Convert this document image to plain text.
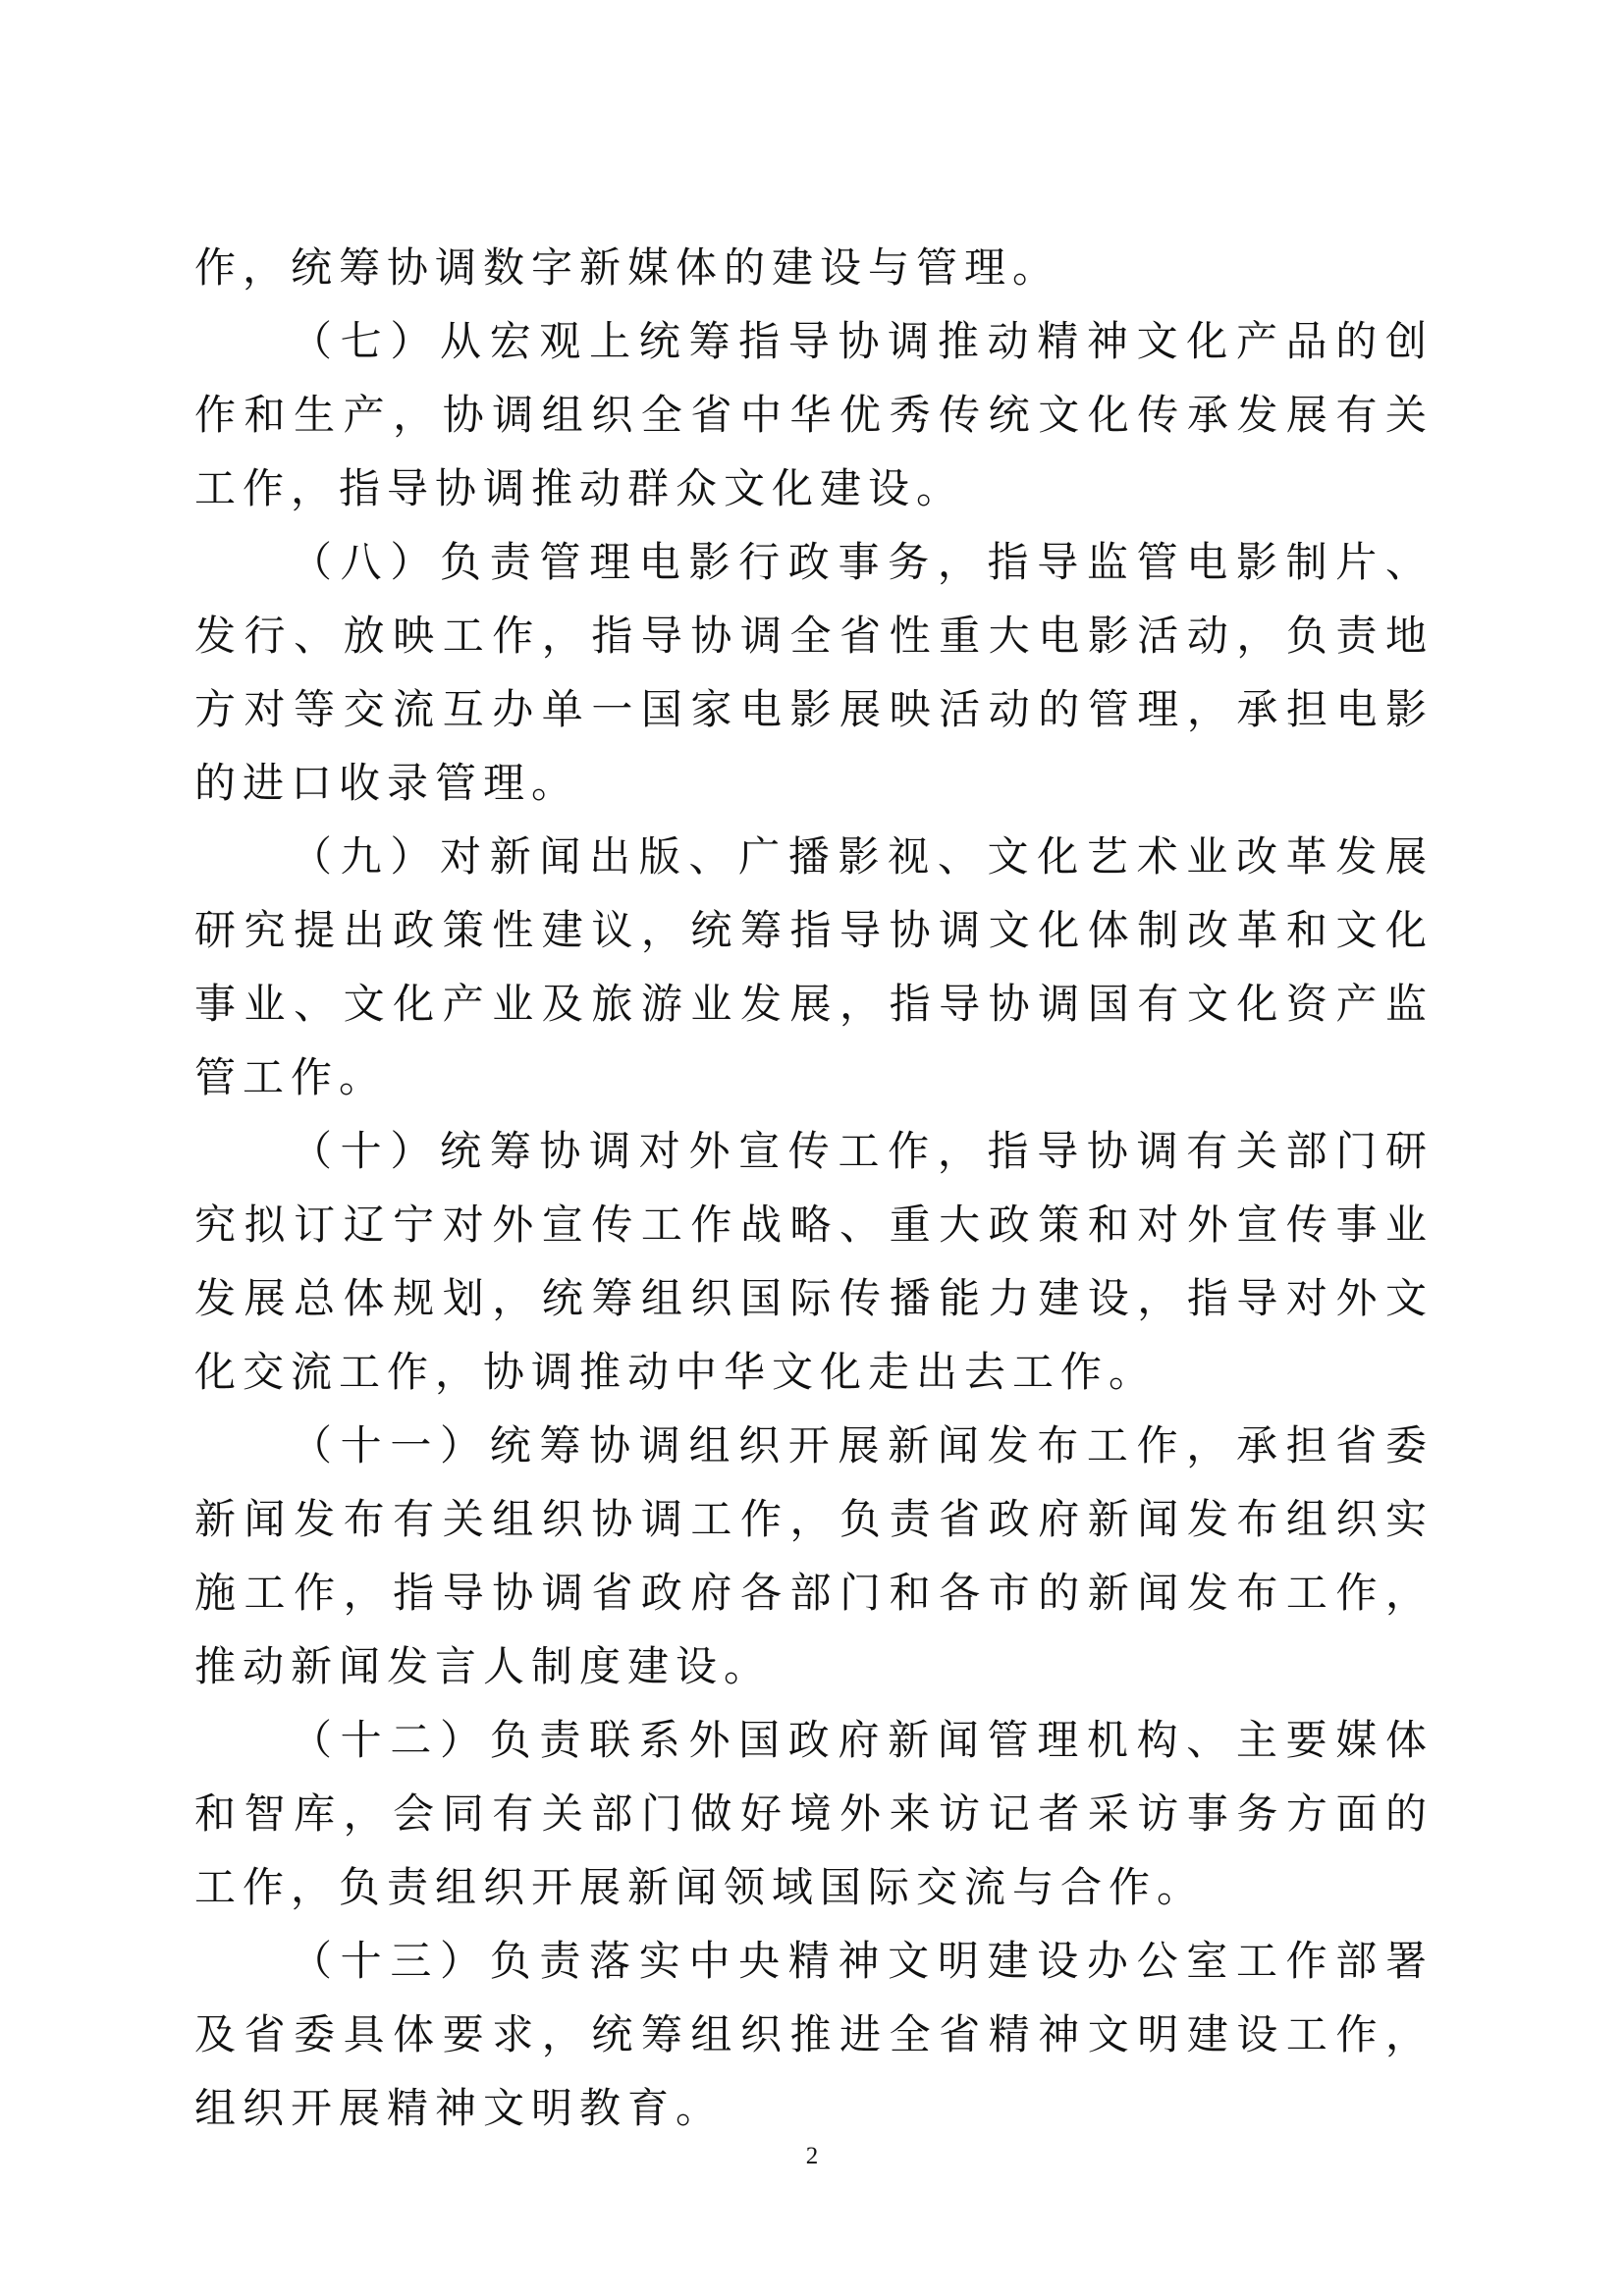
作，统筹协调数字新媒体的建设与管理。

（七）从宏观上统筹指导协调推动精神文化产品的创作和生产，协调组织全省中华优秀传统文化传承发展有关工作，指导协调推动群众文化建设。

（八）负责管理电影行政事务，指导监管电影制片、发行、放映工作，指导协调全省性重大电影活动，负责地方对等交流互办单一国家电影展映活动的管理，承担电影的进口收录管理。

（九）对新闻出版、广播影视、文化艺术业改革发展研究提出政策性建议，统筹指导协调文化体制改革和文化事业、文化产业及旅游业发展，指导协调国有文化资产监管工作。

（十）统筹协调对外宣传工作，指导协调有关部门研究拟订辽宁对外宣传工作战略、重大政策和对外宣传事业发展总体规划，统筹组织国际传播能力建设，指导对外文化交流工作，协调推动中华文化走出去工作。

（十一）统筹协调组织开展新闻发布工作，承担省委新闻发布有关组织协调工作，负责省政府新闻发布组织实施工作，指导协调省政府各部门和各市的新闻发布工作，推动新闻发言人制度建设。

（十二）负责联系外国政府新闻管理机构、主要媒体和智库，会同有关部门做好境外来访记者采访事务方面的工作，负责组织开展新闻领域国际交流与合作。

（十三）负责落实中央精神文明建设办公室工作部署及省委具体要求，统筹组织推进全省精神文明建设工作，组织开展精神文明教育。

2
